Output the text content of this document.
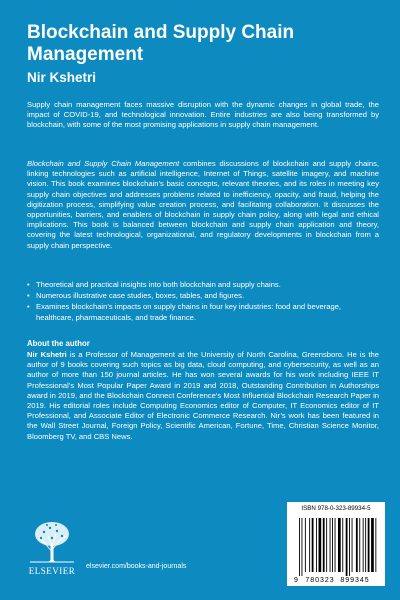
Blockchain and Supply Chain Management

Nir Kshetri

Supply chain management faces massive disruption with the dynamic changes in global trade, the impact of COVID-19, and technological innovation. Entire industries are also being transformed by blockchain, with some of the most promising applications in supply chain management.

Blockchain and Supply Chain Management combines discussions of blockchain and supply chains, linking technologies such as artificial intelligence, Internet of Things, satellite imagery, and machine vision. This book examines blockchain’s basic concepts, relevant theories, and its roles in meeting key supply chain objectives and addresses problems related to inefficiency, opacity, and fraud, helping the digitization process, simplifying value creation process, and facilitating collaboration. It discusses the opportunities, barriers, and enablers of blockchain in supply chain policy, along with legal and ethical implications. This book is balanced between blockchain and supply chain application and theory, covering the latest technological, organizational, and regulatory developments in blockchain from a supply chain perspective.

• Theoretical and practical insights into both blockchain and supply chains.
• Numerous illustrative case studies, boxes, tables, and figures.
• Examines blockchain’s impacts on supply chains in four key industries: food and beverage, healthcare, pharmaceuticals, and trade finance.

About the author

Nir Kshetri is a Professor of Management at the University of North Carolina, Greensboro. He is the author of 9 books covering such topics as big data, cloud computing, and cybersecurity, as well as an author of more than 150 journal articles. He has won several awards for his work including IEEE IT Professional’s Most Popular Paper Award in 2019 and 2018, Outstanding Contribution in Authorships award in 2019, and the Blockchain Connect Conference’s Most Influential Blockchain Research Paper in 2019. His editorial roles include Computing Economics editor of Computer, IT Economics editor of IT Professional, and Associate Editor of Electronic Commerce Research. Nir’s work has been featured in the Wall Street Journal, Foreign Policy, Scientific American, Fortune, Time, Christian Science Monitor, Bloomberg TV, and CBS News.

ELSEVIER elsevier.com/books-and-journals

ISBN 978-0-323-89934-5

9 780323 899345
